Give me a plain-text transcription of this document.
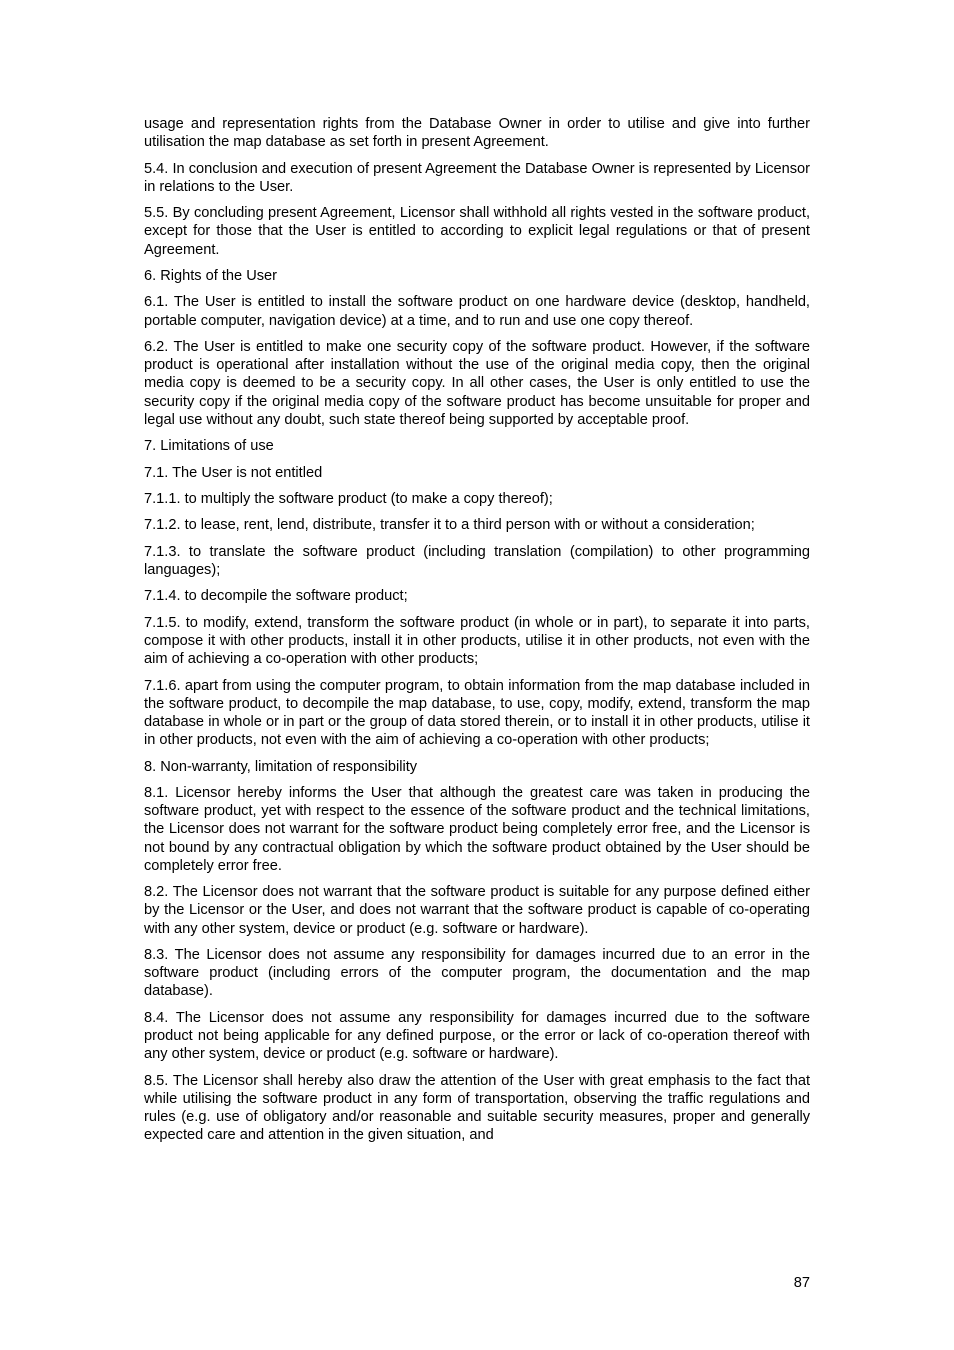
usage and representation rights from the Database Owner in order to utilise and give into further utilisation the map database as set forth in present Agreement.

5.4. In conclusion and execution of present Agreement the Database Owner is represented by Licensor in relations to the User.

5.5. By concluding present Agreement, Licensor shall withhold all rights vested in the software product, except for those that the User is entitled to according to explicit legal regulations or that of present Agreement.

6. Rights of the User

6.1. The User is entitled to install the software product on one hardware device (desktop, handheld, portable computer, navigation device) at a time, and to run and use one copy thereof.

6.2. The User is entitled to make one security copy of the software product. However, if the software product is operational after installation without the use of the original media copy, then the original media copy is deemed to be a security copy. In all other cases, the User is only entitled to use the security copy if the original media copy of the software product has become unsuitable for proper and legal use without any doubt, such state thereof being supported by acceptable proof.

7. Limitations of use

7.1. The User is not entitled

7.1.1. to multiply the software product (to make a copy thereof);

7.1.2. to lease, rent, lend, distribute, transfer it to a third person with or without a consideration;

7.1.3. to translate the software product (including translation (compilation) to other programming languages);

7.1.4. to decompile the software product;

7.1.5. to modify, extend, transform the software product (in whole or in part), to separate it into parts, compose it with other products, install it in other products, utilise it in other products, not even with the aim of achieving a co-operation with other products;

7.1.6. apart from using the computer program, to obtain information from the map database included in the software product, to decompile the map database, to use, copy, modify, extend, transform the map database in whole or in part or the group of data stored therein, or to install it in other products, utilise it in other products, not even with the aim of achieving a co-operation with other products;

8. Non-warranty, limitation of responsibility

8.1. Licensor hereby informs the User that although the greatest care was taken in producing the software product, yet with respect to the essence of the software product and the technical limitations, the Licensor does not warrant for the software product being completely error free, and the Licensor is not bound by any contractual obligation by which the software product obtained by the User should be completely error free.

8.2. The Licensor does not warrant that the software product is suitable for any purpose defined either by the Licensor or the User, and does not warrant that the software product is capable of co-operating with any other system, device or product (e.g. software or hardware).

8.3. The Licensor does not assume any responsibility for damages incurred due to an error in the software product (including errors of the computer program, the documentation and the map database).

8.4. The Licensor does not assume any responsibility for damages incurred due to the software product not being applicable for any defined purpose, or the error or lack of co-operation thereof with any other system, device or product (e.g. software or hardware).

8.5. The Licensor shall hereby also draw the attention of the User with great emphasis to the fact that while utilising the software product in any form of transportation, observing the traffic regulations and rules (e.g. use of obligatory and/or reasonable and suitable security measures, proper and generally expected care and attention in the given situation, and

87
